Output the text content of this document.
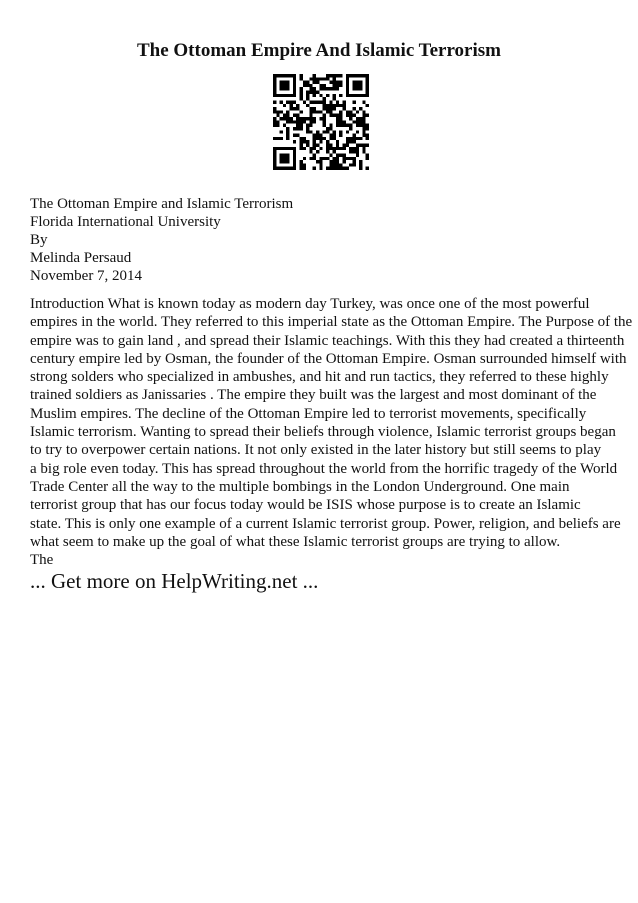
The Ottoman Empire And Islamic Terrorism
The Ottoman Empire and Islamic Terrorism
Florida International University
By
Melinda Persaud
November 7, 2014
Introduction What is known today as modern day Turkey, was once one of the most powerful
empires in the world. They referred to this imperial state as the Ottoman Empire. The Purpose of the
empire was to gain land , and spread their Islamic teachings. With this they had created a thirteenth
century empire led by Osman, the founder of the Ottoman Empire. Osman surrounded himself with
strong solders who specialized in ambushes, and hit and run tactics, they referred to these highly
trained soldiers as Janissaries . The empire they built was the largest and most dominant of the
Muslim empires. The decline of the Ottoman Empire led to terrorist movements, specifically
Islamic terrorism. Wanting to spread their beliefs through violence, Islamic terrorist groups began
to try to overpower certain nations. It not only existed in the later history but still seems to play
a big role even today. This has spread throughout the world from the horrific tragedy of the World
Trade Center all the way to the multiple bombings in the London Underground. One main
terrorist group that has our focus today would be ISIS whose purpose is to create an Islamic
state. This is only one example of a current Islamic terrorist group. Power, religion, and beliefs are
what seem to make up the goal of what these Islamic terrorist groups are trying to allow.
The
... Get more on HelpWriting.net ...
